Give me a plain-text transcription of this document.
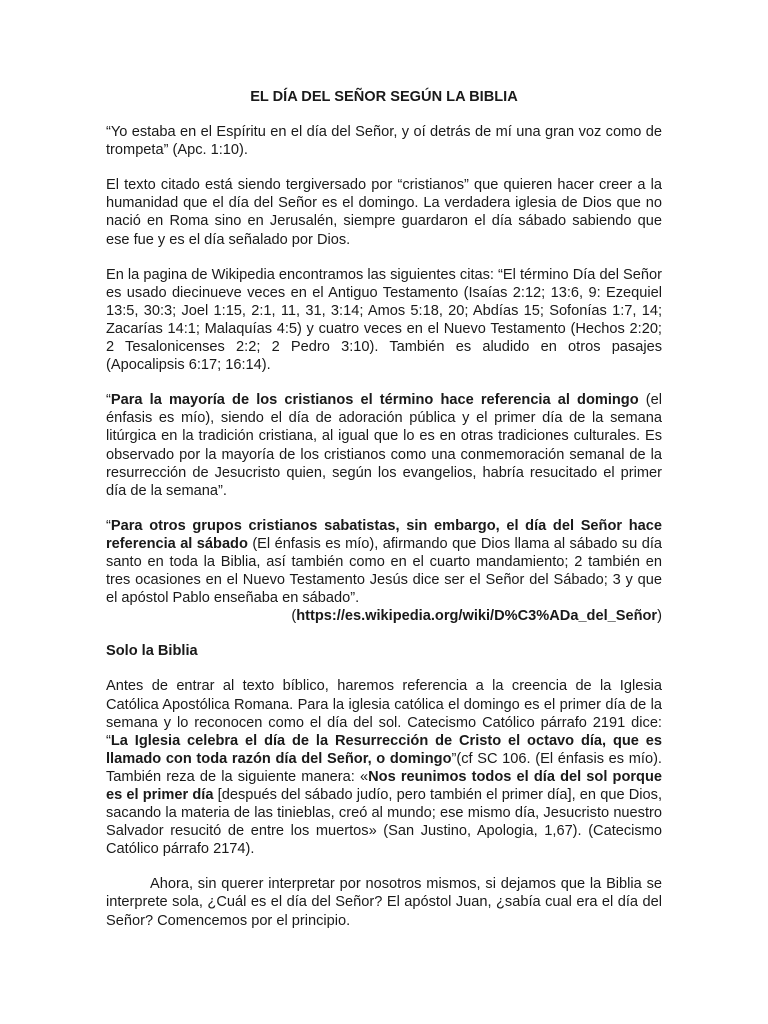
EL DÍA DEL SEÑOR SEGÚN LA BIBLIA

“Yo estaba en el Espíritu en el día del Señor, y oí detrás de mí una gran voz como de trompeta” (Apc. 1:10).

El texto citado está siendo tergiversado por “cristianos” que quieren hacer creer a la humanidad que el día del Señor es el domingo. La verdadera iglesia de Dios que no nació en Roma sino en Jerusalén, siempre guardaron el día sábado sabiendo que ese fue y es el día señalado por Dios.

En la pagina de Wikipedia encontramos las siguientes citas: “El término Día del Señor es usado diecinueve veces en el Antiguo Testamento (Isaías 2:12; 13:6, 9: Ezequiel 13:5, 30:3; Joel 1:15, 2:1, 11, 31, 3:14; Amos 5:18, 20; Abdías 15; Sofonías 1:7, 14; Zacarías 14:1; Malaquías 4:5) y cuatro veces en el Nuevo Testamento (Hechos 2:20; 2 Tesalonicenses 2:2; 2 Pedro 3:10). También es aludido en otros pasajes (Apocalipsis 6:17; 16:14).

“Para la mayoría de los cristianos el término hace referencia al domingo (el énfasis es mío), siendo el día de adoración pública y el primer día de la semana litúrgica en la tradición cristiana, al igual que lo es en otras tradiciones culturales. Es observado por la mayoría de los cristianos como una conmemoración semanal de la resurrección de Jesucristo quien, según los evangelios, habría resucitado el primer día de la semana”.

“Para otros grupos cristianos sabatistas, sin embargo, el día del Señor hace referencia al sábado (El énfasis es mío), afirmando que Dios llama al sábado su día santo en toda la Biblia, así también como en el cuarto mandamiento; 2 también en tres ocasiones en el Nuevo Testamento Jesús dice ser el Señor del Sábado; 3 y que el apóstol Pablo enseñaba en sábado”.

(https://es.wikipedia.org/wiki/D%C3%ADa_del_Señor)

Solo la Biblia

Antes de entrar al texto bíblico, haremos referencia a la creencia de la Iglesia Católica Apostólica Romana. Para la iglesia católica el domingo es el primer día de la semana y lo reconocen como el día del sol. Catecismo Católico párrafo 2191 dice: “La Iglesia celebra el día de la Resurrección de Cristo el octavo día, que es llamado con toda razón día del Señor, o domingo”(cf SC 106. (El énfasis es mío). También reza de la siguiente manera: «Nos reunimos todos el día del sol porque es el primer día [después del sábado judío, pero también el primer día], en que Dios, sacando la materia de las tinieblas, creó al mundo; ese mismo día, Jesucristo nuestro Salvador resucitó de entre los muertos» (San Justino, Apologia, 1,67). (Catecismo Católico párrafo 2174).

Ahora, sin querer interpretar por nosotros mismos, si dejamos que la Biblia se interprete sola, ¿Cuál es el día del Señor? El apóstol Juan, ¿sabía cual era el día del Señor? Comencemos por el principio.
